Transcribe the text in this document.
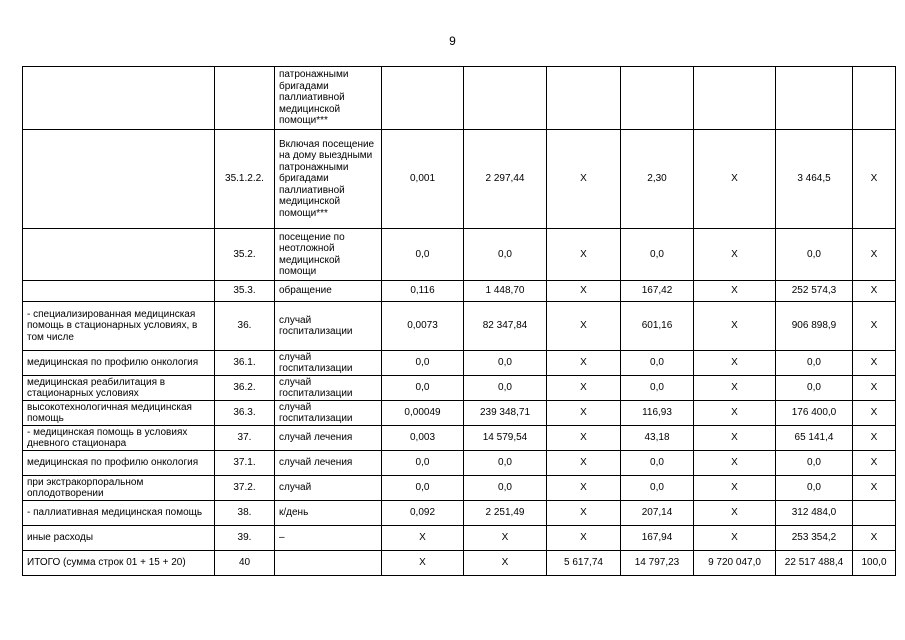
9
		патронажными бригадами паллиативной медицинской помощи***							
	35.1.2.2.	Включая посещение на дому выездными патронажными бригадами паллиативной медицинской помощи***	0,001	2 297,44	Х	2,30	Х	3 464,5	Х
	35.2.	посещение по неотложной медицинской помощи	0,0	0,0	Х	0,0	Х	0,0	Х
	35.3.	обращение	0,116	1 448,70	Х	167,42	Х	252 574,3	Х
- специализированная медицинская помощь в стационарных условиях, в том числе	36.	случай госпитализации	0,0073	82 347,84	Х	601,16	Х	906 898,9	Х
медицинская по профилю онкология	36.1.	случай госпитализации	0,0	0,0	Х	0,0	Х	0,0	Х
медицинская реабилитация в стационарных условиях	36.2.	случай госпитализации	0,0	0,0	Х	0,0	Х	0,0	Х
высокотехнологичная медицинская помощь	36.3.	случай госпитализации	0,00049	239 348,71	Х	116,93	Х	176 400,0	Х
- медицинская помощь в условиях дневного стационара	37.	случай лечения	0,003	14 579,54	Х	43,18	Х	65 141,4	Х
медицинская по профилю онкология	37.1.	случай лечения	0,0	0,0	Х	0,0	Х	0,0	Х
при экстракорпоральном оплодотворении	37.2.	случай	0,0	0,0	Х	0,0	Х	0,0	Х
- паллиативная медицинская помощь	38.	к/день	0,092	2 251,49	Х	207,14	Х	312 484,0	
иные расходы	39.	–	Х	Х	Х	167,94	Х	253 354,2	Х
ИТОГО (сумма строк 01 + 15 + 20)	40		Х	Х	5 617,74	14 797,23	9 720 047,0	22 517 488,4	100,0
